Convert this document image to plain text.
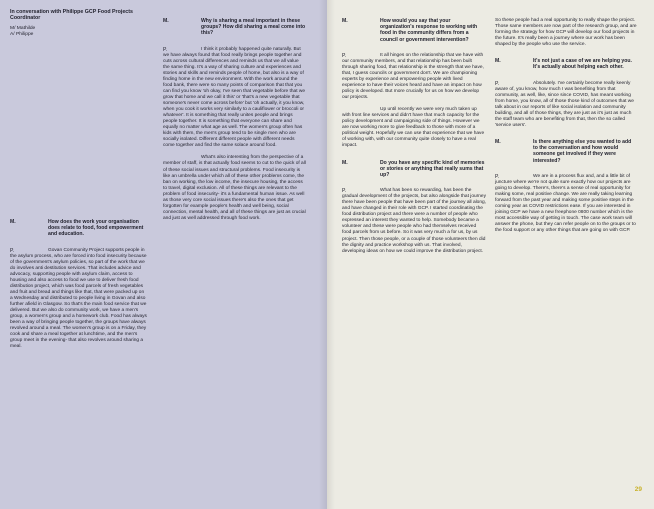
In conversation with Philippe GCP Food Projects Coordinator

M/ Mathilde

A/ Philippe

M.	How does the work your organisation does relate to food, food empowerment and education.

P.	Govan Community Project supports people in the asylum process, who are forced into food insecurity because of the government's asylum policies, so part of the work that we do involves anti destitution services. That includes advice and advocacy, supporting people with asylum claim, access to housing and also access to food we use to deliver fresh food distribution project, which was food parcels of fresh vegetables and fruit and bread and things like that, that were packed up on a Wednesday and distributed to people living in Govan and also further afield in Glasgow. So that's the main food service that we delivered. But we also do community work, we have a men's group, a women's group and a homework club. Food has always been a way of bringing people together, the groups have always revolved around a meal. The women's group is on a Friday, they cook and share a meal together at lunchtime, and the men's group meet in the evening- that also revolves around sharing a meal.

M.	Why is sharing a meal important in these groups? How did sharing a meal come into this?

P.	I think it probably happened quite naturally. But we have always found that food really brings people together and cuts across cultural differences and reminds us that we all value the same thing. It's a way of sharing culture and experiences and stories and skills and reminds people of home, but also is a way of finding home in the new environment. With the work around the food bank, there were so many points of comparison that that you can find you know 'oh okay, I've seen that vegetable before that we grow that home and we call it this' or 'that's a new vegetable that someone's never come across before' but 'oh actually, it you know, when you cook it works very similarly to a cauliflower or broccoli or whatever'. It is something that really unites people and brings people together. It is something that everyone can share and equally no matter what age as well. The women's group often has kids with them, the men's group tend to be single men who are socially isolated. Different different people with different needs come together and find the same solace around food.

What's also interesting from the perspective of a member of staff, is that actually food seems to cut to the quick of all of these social issues and structural problems. Food insecurity is like an umbrella under which all of these other problems come, the ban on working, the low income, the insecure housing, the access to travel, digital exclusion. All of these things are relevant to the problem of food insecurity- it's a fundamental human issue. As well as those very core social issues there's also the ones that get forgotten for example people's health and well being, social connection, mental health, and all of these things are just as crucial and just as well addressed through food work.

M.	How would you say that your organization's response to working with food in the community differs from a council or government intervention?

P.	It all hinges on the relationship that we have with our community members, and that relationship has been built through sharing food, that relationship is the strength that we have, that, I guess councils or government don't. We are championing experts by experience and empowering people with lived experience to have their voices heard and have an impact on how policy is developed. But more crucially for us on how we develop our projects.

Up until recently we were very much taken up with front line services and didn't have that much capacity for the policy development and campaigning side of things. However we are now working more to give feedback to those with more of a political weight. Hopefully we can use that experience that we have of working with, with our community quite closely to have a real impact.

M.	Do you have any specific kind of memories or stories or anything that really sums that up?

P.	What has been so rewarding, has been the gradual development of the projects, but also alongside that journey there have been people that have been part of the journey all along, and have changed in their role with GCP. I started coordinating the food distribution project and there were a number of people who expressed an interest they wanted to help. Somebody became a volunteer and these were people who had themselves received food parcels from us before. So it was very much a for us, by us project. Then those people, or a couple of those volunteers then did the dignity and practice workshop with us. That involved, developing ideas on how we could improve the distribution project.

So these people had a real opportunity to really shape the project. Those same members are now part of the research group, and are forming the strategy for how GCP will develop our food projects in the future. It's really been a journey where our work has been shaped by the people who use the service.

M.	It's not just a case of we are helping you. It's actually about helping each other.

P.	Absolutely. I've certainly become really keenly aware of, you know, how much I was benefiting from that community, as well, like, since since COVID, has meant working from home, you know, all of those those kind of outcomes that we talk about in our reports of like social isolation and community building, and all of those things, they are just as it's just as much the staff team who are benefiting from that, then the so called 'service users'.

M.	Is there anything else you wanted to add to the conversation and how would someone get involved if they were interested?

P.	We are in a process flux and, and a little bit of juncture where we're not quite sure exactly how our projects are going to develop. There's, there's a sense of real opportunity for making some, real positive change. We are really taking learning forward from the past year and making some positive steps in the coming year as COVID restrictions ease. If you are interested in joining GCP we have a new freephone 0800 number which is the most accessible way of getting in touch. The case work team will answer the phone, but they can refer people on to the groups or to the food support or any other things that are going on with GCP.

29
